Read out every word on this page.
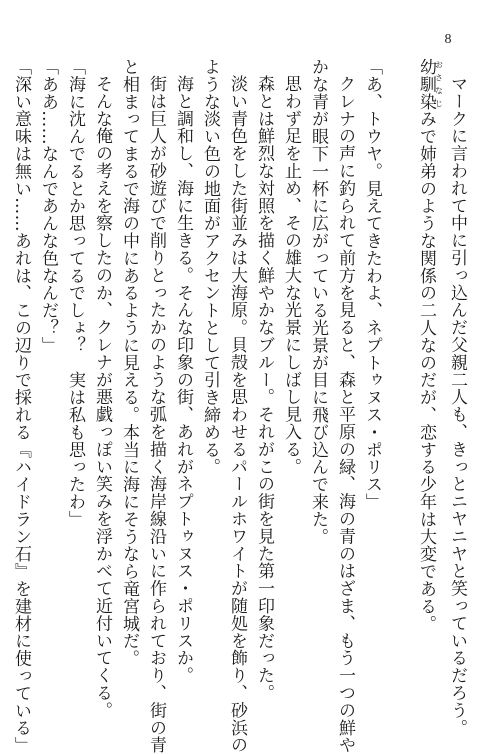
8
マークに言われて中に引っ込んだ父親二人も、きっとニヤニヤと笑っているだろう。
幼馴染おさなじみで姉弟のような関係の二人なのだが、恋する少年は大変である。
「あ、トウヤ。見えてきたわよ、ネプトゥヌス・ポリス」
クレナの声に釣られて前方を見ると、森と平原の緑、海の青のはざま、もう一つの鮮や
かな青が眼下一杯に広がっている光景が目に飛び込んで来た。
思わず足を止め、その雄大な光景にしばし見入る。
森とは鮮烈な対照を描く鮮やかなブルー。それがこの街を見た第一印象だった。
淡い青色をした街並みは大海原。貝殻を思わせるパールホワイトが随処を飾り、砂浜の
ような淡い色の地面がアクセントとして引き締める。
海と調和し、海に生きる。そんな印象の街、あれがネプトゥヌス・ポリスか。
街は巨人が砂遊びで削りとったかのような弧を描く海岸線沿いに作られており、街の青
と相まってまるで海の中にあるように見える。本当に海にそうなら竜宮城だ。
そんな俺の考えを察したのか、クレナが悪戯っぽい笑みを浮かべて近付いてくる。
「海に沈んでるとか思ってるでしょ？　実は私も思ったわ」
「ああ……なんであんな色なんだ？」
「深い意味は無い……あれは、この辺りで採れる『ハイドラン石』を建材に使っている」
